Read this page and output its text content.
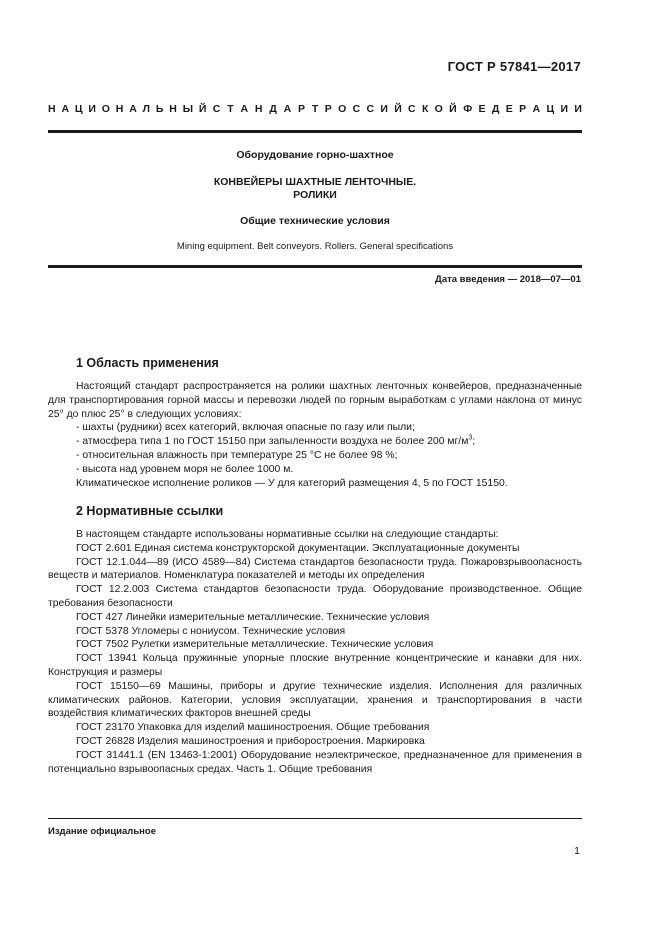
ГОСТ Р 57841—2017
Н А Ц И О Н А Л Ь Н Ы Й С Т А Н Д А Р Т Р О С С И Й С К О Й Ф Е Д Е Р А Ц И И
Оборудование горно-шахтное
КОНВЕЙЕРЫ ШАХТНЫЕ ЛЕНТОЧНЫЕ.
РОЛИКИ
Общие технические условия
Mining equipment. Belt conveyors. Rollers. General specifications
Дата введения — 2018—07—01
1 Область применения

Настоящий стандарт распространяется на ролики шахтных ленточных конвейеров, предназначенные для транспортирования горной массы и перевозки людей по горным выработкам с углами наклона от минус 25° до плюс 25° в следующих условиях:

- шахты (рудники) всех категорий, включая опасные по газу или пыли;

- атмосфера типа 1 по ГОСТ 15150 при запыленности воздуха не более 200 $мг/м^3$;

- относительная влажность при температуре 25 °С не более 98 %;

- высота над уровнем моря не более 1000 м.

Климатическое исполнение роликов — У для категорий размещения 4, 5 по ГОСТ 15150.

2 Нормативные ссылки

В настоящем стандарте использованы нормативные ссылки на следующие стандарты:

ГОСТ 2.601 Единая система конструкторской документации. Эксплуатационные документы

ГОСТ 12.1.044—89 (ИСО 4589—84) Система стандартов безопасности труда. Пожаровзрывоопасность веществ и материалов. Номенклатура показателей и методы их определения

ГОСТ 12.2.003 Система стандартов безопасности труда. Оборудование производственное. Общие требования безопасности

ГОСТ 427 Линейки измерительные металлические. Технические условия

ГОСТ 5378 Угломеры с нониусом. Технические условия

ГОСТ 7502 Рулетки измерительные металлические. Технические условия

ГОСТ 13941 Кольца пружинные упорные плоские внутренние концентрические и канавки для них. Конструкция и размеры

ГОСТ 15150—69 Машины, приборы и другие технические изделия. Исполнения для различных климатических районов. Категории, условия эксплуатации, хранения и транспортирования в части воздействия климатических факторов внешней среды

ГОСТ 23170 Упаковка для изделий машиностроения. Общие требования

ГОСТ 26828 Изделия машиностроения и приборостроения. Маркировка

ГОСТ 31441.1 (EN 13463-1:2001) Оборудование неэлектрическое, предназначенное для применения в потенциально взрывоопасных средах. Часть 1. Общие требования

Издание официальное
1
